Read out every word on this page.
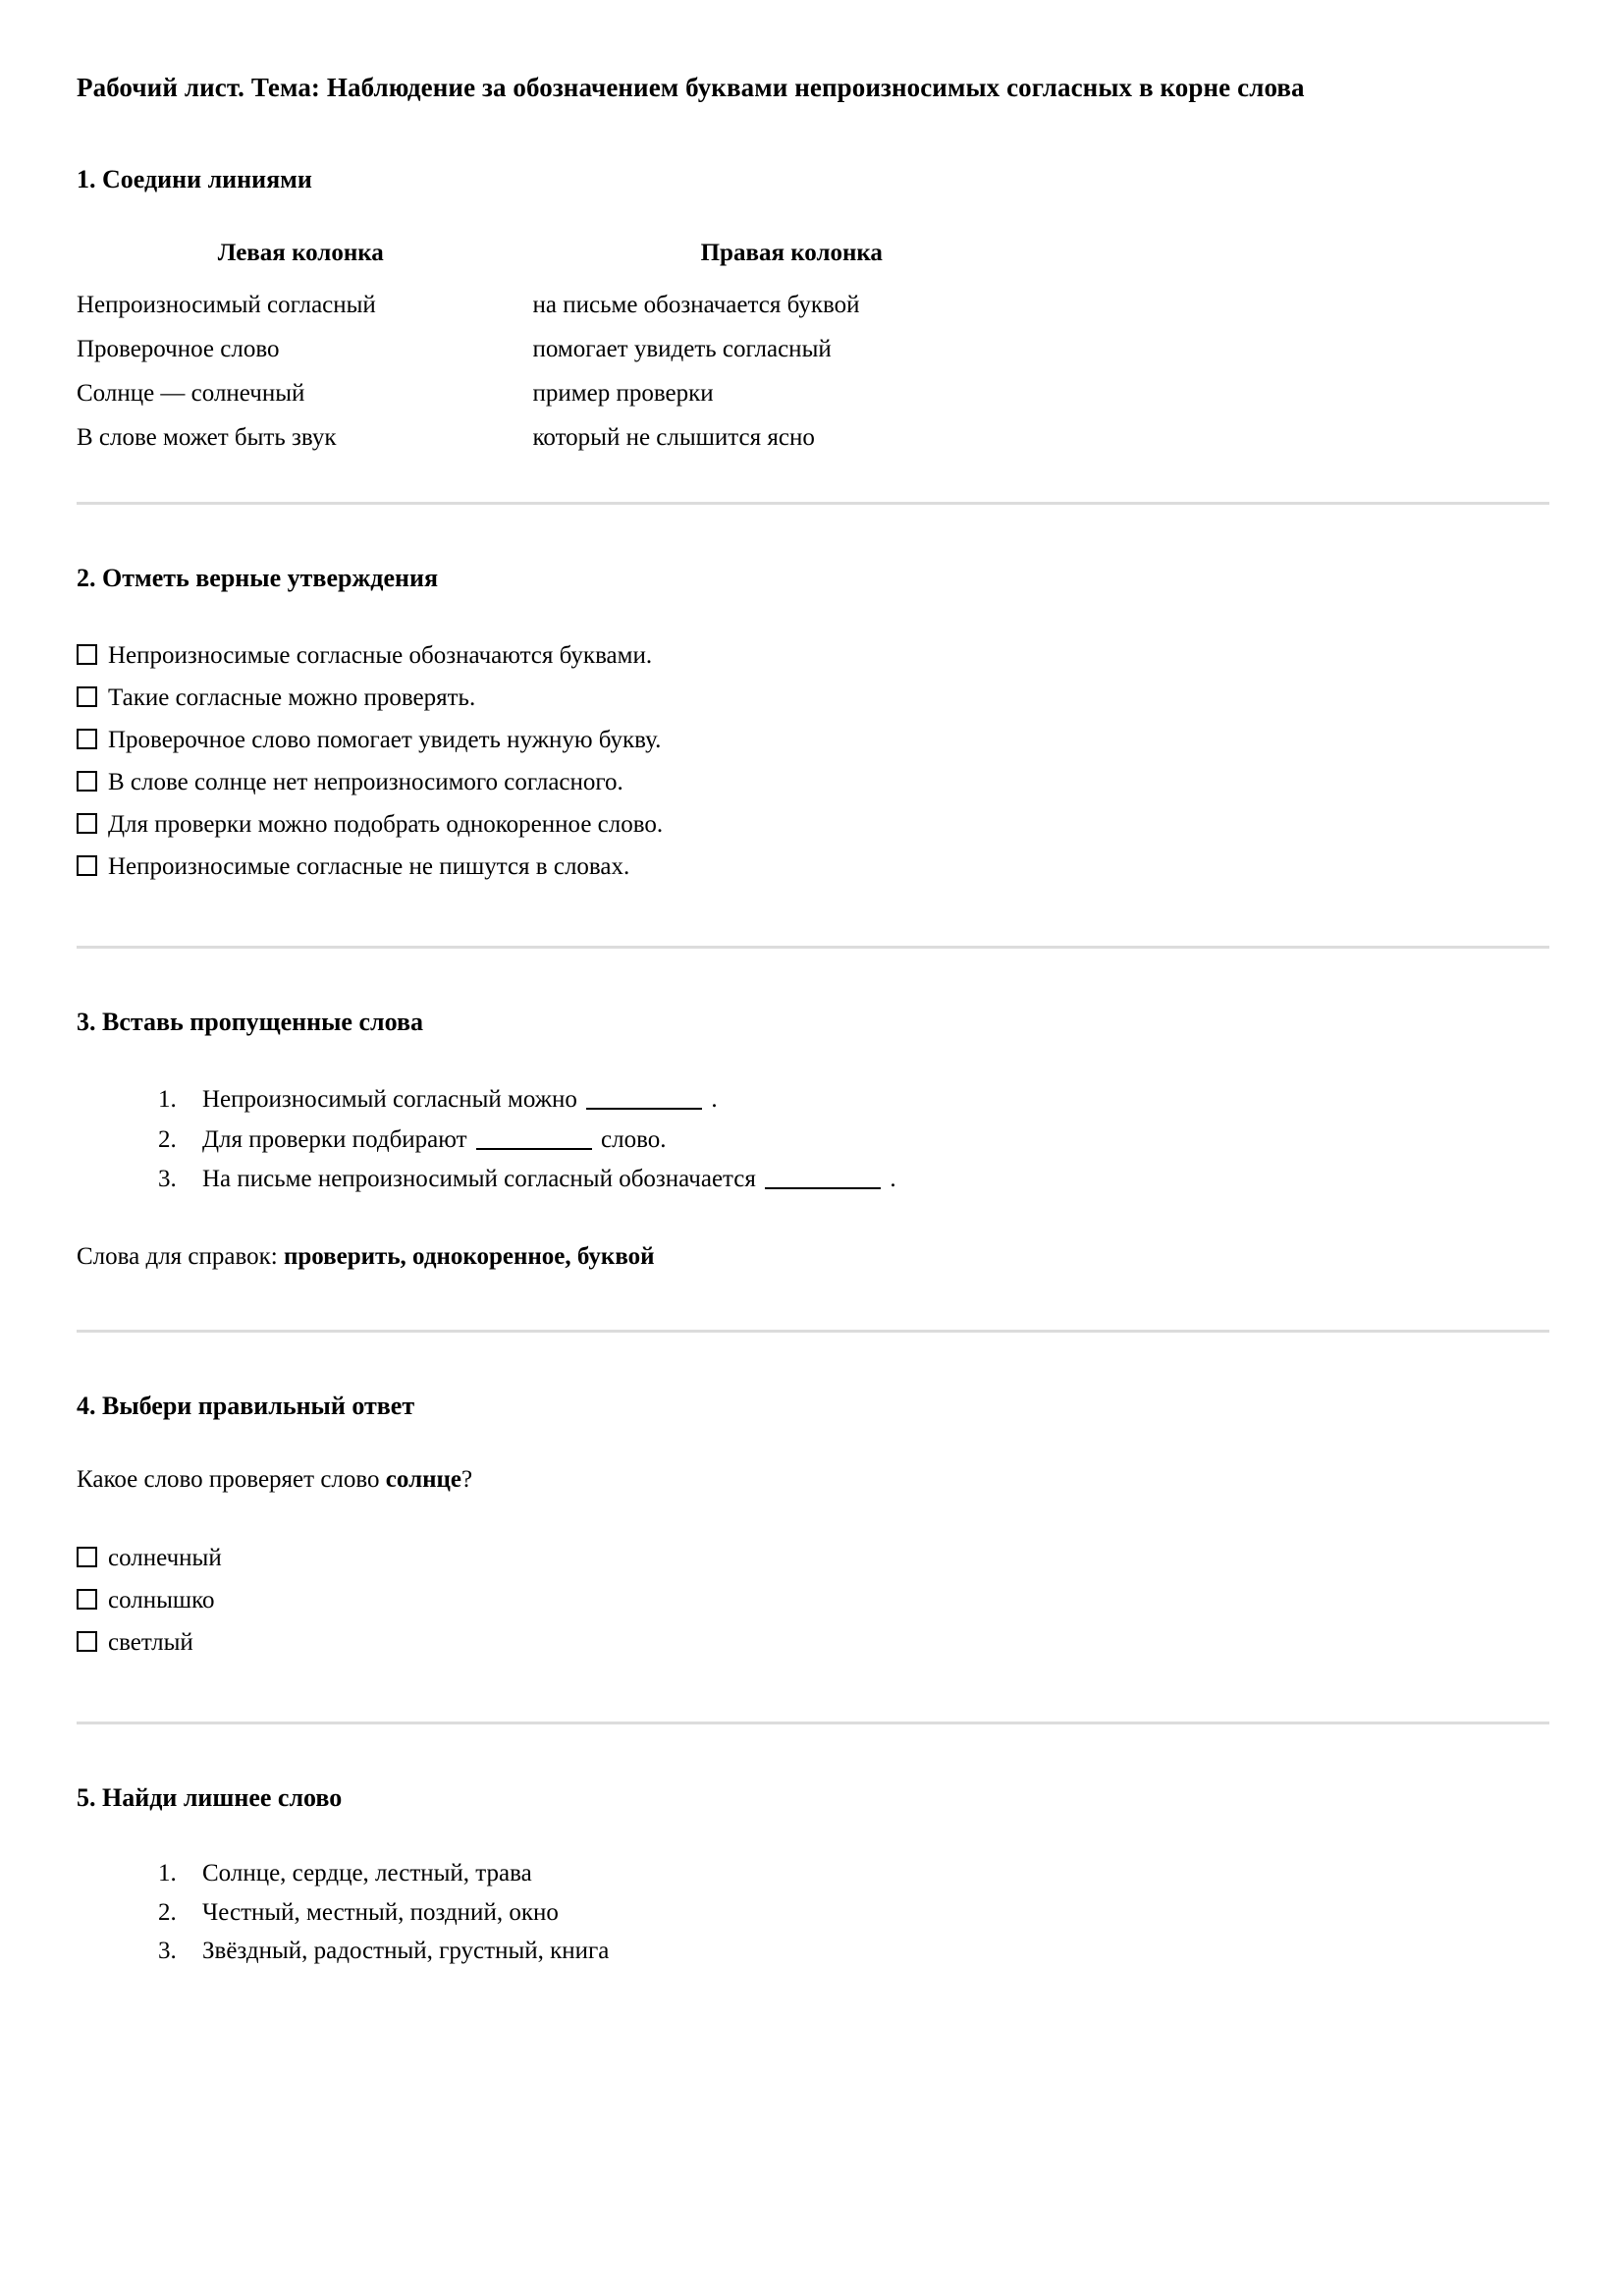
Рабочий лист. Тема: Наблюдение за обозначением буквами непроизносимых согласных в корне слова
1. Соедини линиями
Левая колонка	Правая колонка
Непроизносимый согласный	на письме обозначается буквой
Проверочное слово	помогает увидеть согласный
Солнце — солнечный	пример проверки
В слове может быть звук	который не слышится ясно
2. Отметь верные утверждения
Непроизносимые согласные обозначаются буквами.
Такие согласные можно проверять.
Проверочное слово помогает увидеть нужную букву.
В слове солнце нет непроизносимого согласного.
Для проверки можно подобрать однокоренное слово.
Непроизносимые согласные не пишутся в словах.
3. Вставь пропущенные слова
1. Непроизносимый согласный можно	.
2. Для проверки подбирают	слово.
3. На письме непроизносимый согласный обозначается	.

Слова для справок: проверить, однокоренное, буквой

4. Выбери правильный ответ

Какое слово проверяет слово солнце?

солнечный
солнышко
светлый
5. Найди лишнее слово
1. Солнце, сердце, лестный, трава
2. Честный, местный, поздний, окно
3. Звёздный, радостный, грустный, книга
